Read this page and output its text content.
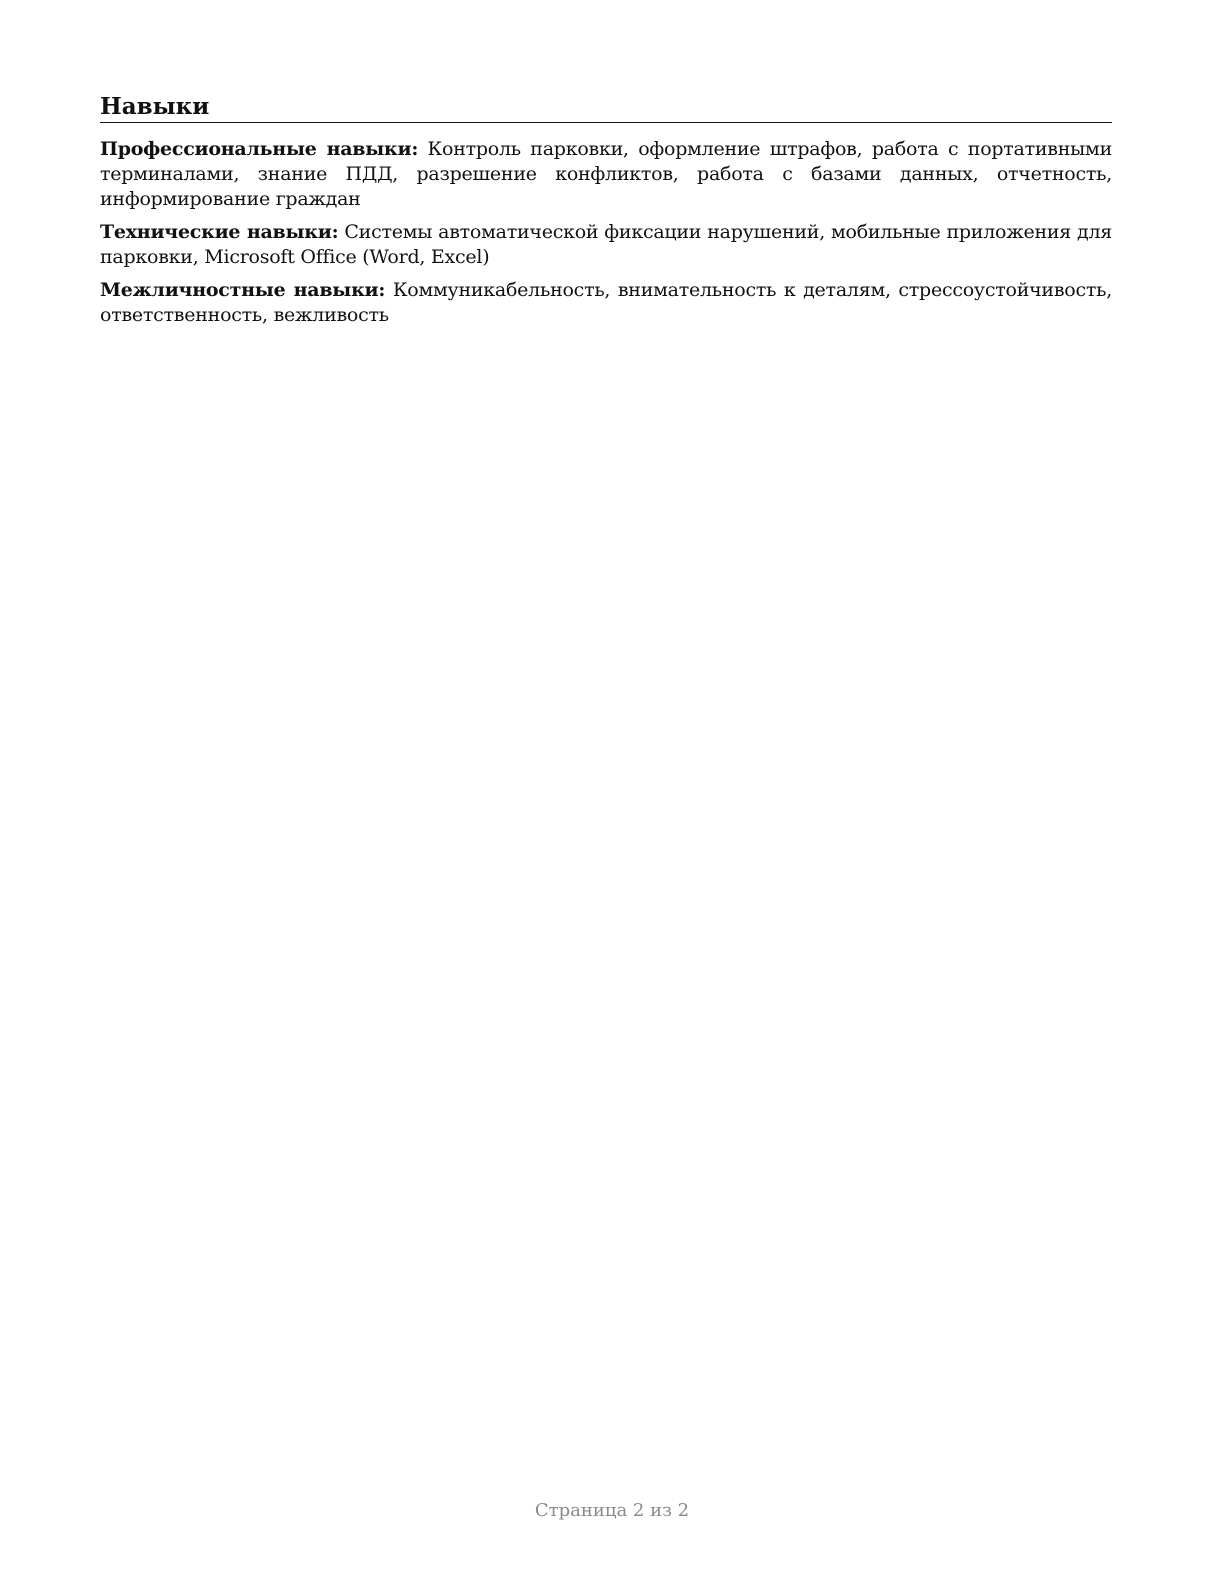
Навыки

Профессиональные навыки: Контроль парковки, оформление штрафов, работа с портативными терминалами, знание ПДД, разрешение конфликтов, работа с базами данных, отчетность, информирование граждан

Технические навыки: Системы автоматической фиксации нарушений, мобильные приложения для парковки, Microsoft Office (Word, Excel)

Межличностные навыки: Коммуникабельность, внимательность к деталям, стрессоустойчивость, ответственность, вежливость

Страница 2 из 2
